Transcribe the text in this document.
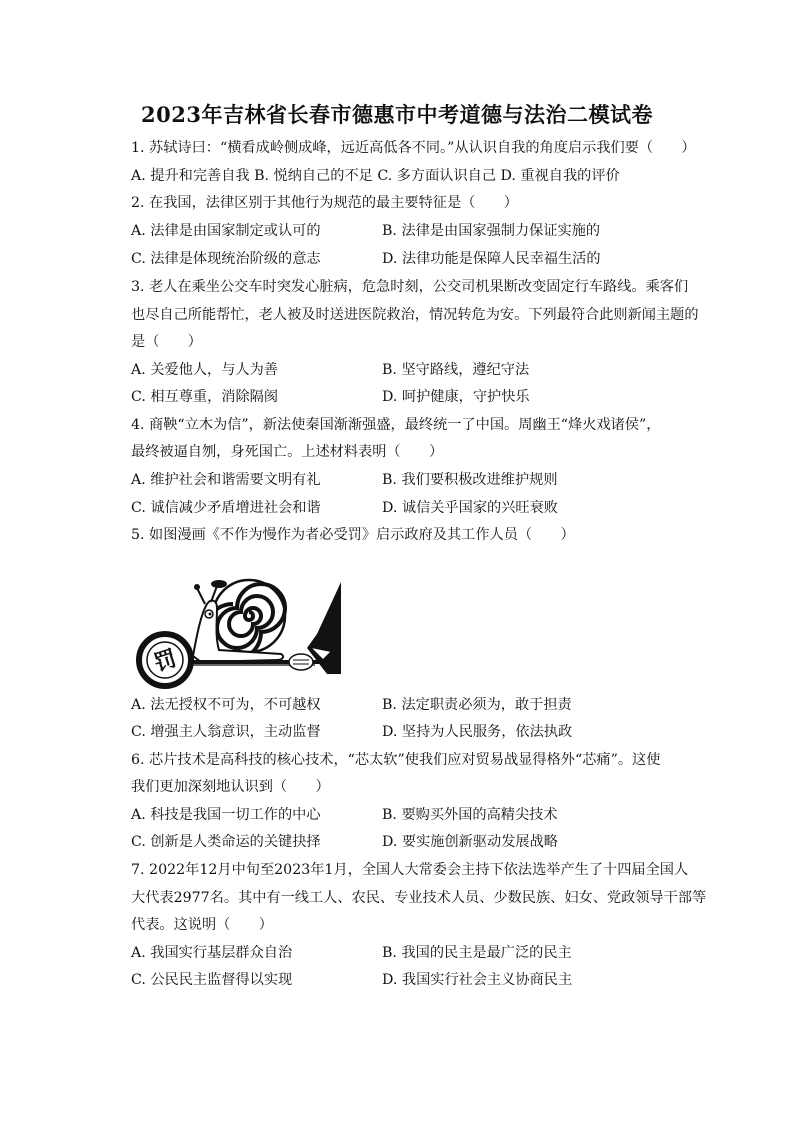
2023年吉林省长春市德惠市中考道德与法治二模试卷
1. 苏轼诗曰：“横看成岭侧成峰，远近高低各不同。”从认识自我的角度启示我们要（　　）
A. 提升和完善自我 B. 悦纳自己的不足 C. 多方面认识自己 D. 重视自我的评价
2. 在我国，法律区别于其他行为规范的最主要特征是（　　）
A. 法律是由国家制定或认可的	B. 法律是由国家强制力保证实施的
C. 法律是体现统治阶级的意志	D. 法律功能是保障人民幸福生活的
3. 老人在乘坐公交车时突发心脏病，危急时刻，公交司机果断改变固定行车路线。乘客们
也尽自己所能帮忙，老人被及时送进医院救治，情况转危为安。下列最符合此则新闻主题的
是（　　）
A. 关爱他人，与人为善	B. 坚守路线，遵纪守法
C. 相互尊重，消除隔阂	D. 呵护健康，守护快乐
4. 商鞅“立木为信”，新法使秦国渐渐强盛，最终统一了中国。周幽王“烽火戏诸侯”，
最终被逼自刎，身死国亡。上述材料表明（　　）
A. 维护社会和谐需要文明有礼	B. 我们要积极改进维护规则
C. 诚信减少矛盾增进社会和谐	D. 诚信关乎国家的兴旺衰败
5. 如图漫画《不作为慢作为者必受罚》启示政府及其工作人员（　　）
罚
A. 法无授权不可为，不可越权	B. 法定职责必须为，敢于担责
C. 增强主人翁意识，主动监督	D. 坚持为人民服务，依法执政
6. 芯片技术是高科技的核心技术，“芯太软”使我们应对贸易战显得格外“芯痛”。这使
我们更加深刻地认识到（　　）
A. 科技是我国一切工作的中心	B. 要购买外国的高精尖技术
C. 创新是人类命运的关键抉择	D. 要实施创新驱动发展战略
7. 2022年12月中旬至2023年1月，全国人大常委会主持下依法选举产生了十四届全国人
大代表2977名。其中有一线工人、农民、专业技术人员、少数民族、妇女、党政领导干部等
代表。这说明（　　）
A. 我国实行基层群众自治	B. 我国的民主是最广泛的民主
C. 公民民主监督得以实现	D. 我国实行社会主义协商民主
